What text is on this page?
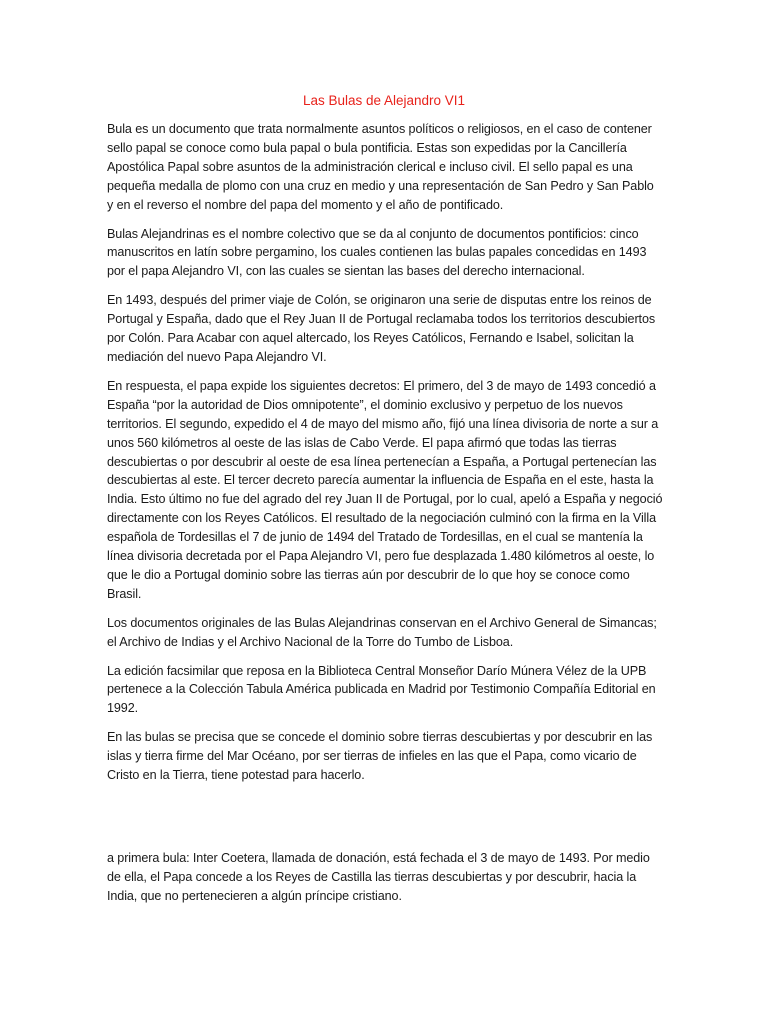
Las Bulas de Alejandro VI1

Bula es un documento que trata normalmente asuntos políticos o religiosos, en el caso de contener sello papal se conoce como bula papal o bula pontificia. Estas son expedidas por la Cancillería Apostólica Papal sobre asuntos de la administración clerical e incluso civil. El sello papal es una pequeña medalla de plomo con una cruz en medio y una representación de San Pedro y San Pablo y en el reverso el nombre del papa del momento y el año de pontificado.

Bulas Alejandrinas es el nombre colectivo que se da al conjunto de documentos pontificios: cinco manuscritos en latín sobre pergamino, los cuales contienen las bulas papales concedidas en 1493 por el papa Alejandro VI, con las cuales se sientan las bases del derecho internacional.

En 1493, después del primer viaje de Colón, se originaron una serie de disputas entre los reinos de Portugal y España, dado que el Rey Juan II de Portugal reclamaba todos los territorios descubiertos por Colón. Para Acabar con aquel altercado, los Reyes Católicos, Fernando e Isabel, solicitan la mediación del nuevo Papa Alejandro VI.

En respuesta, el papa expide los siguientes decretos: El primero, del 3 de mayo de 1493 concedió a España “por la autoridad de Dios omnipotente”, el dominio exclusivo y perpetuo de los nuevos territorios. El segundo, expedido el 4 de mayo del mismo año, fijó una línea divisoria de norte a sur a unos 560 kilómetros al oeste de las islas de Cabo Verde. El papa afirmó que todas las tierras descubiertas o por descubrir al oeste de esa línea pertenecían a España, a Portugal pertenecían las descubiertas al este. El tercer decreto parecía aumentar la influencia de España en el este, hasta la India. Esto último no fue del agrado del rey Juan II de Portugal, por lo cual, apeló a España y negoció directamente con los Reyes Católicos. El resultado de la negociación culminó con la firma en la Villa española de Tordesillas el 7 de junio de 1494 del Tratado de Tordesillas, en el cual se mantenía la línea divisoria decretada por el Papa Alejandro VI, pero fue desplazada 1.480 kilómetros al oeste, lo que le dio a Portugal dominio sobre las tierras aún por descubrir de lo que hoy se conoce como Brasil.

Los documentos originales de las Bulas Alejandrinas conservan en el Archivo General de Simancas; el Archivo de Indias y el Archivo Nacional de la Torre do Tumbo de Lisboa.

La edición facsimilar que reposa en la Biblioteca Central Monseñor Darío Múnera Vélez de la UPB pertenece a la Colección Tabula América publicada en Madrid por Testimonio Compañía Editorial en 1992.

En las bulas se precisa que se concede el dominio sobre tierras descubiertas y por descubrir en las islas y tierra firme del Mar Océano, por ser tierras de infieles en las que el Papa, como vicario de Cristo en la Tierra, tiene potestad para hacerlo.

a primera bula: Inter Coetera, llamada de donación, está fechada el 3 de mayo de 1493. Por medio de ella, el Papa concede a los Reyes de Castilla las tierras descubiertas y por descubrir, hacia la India, que no pertenecieren a algún príncipe cristiano.
